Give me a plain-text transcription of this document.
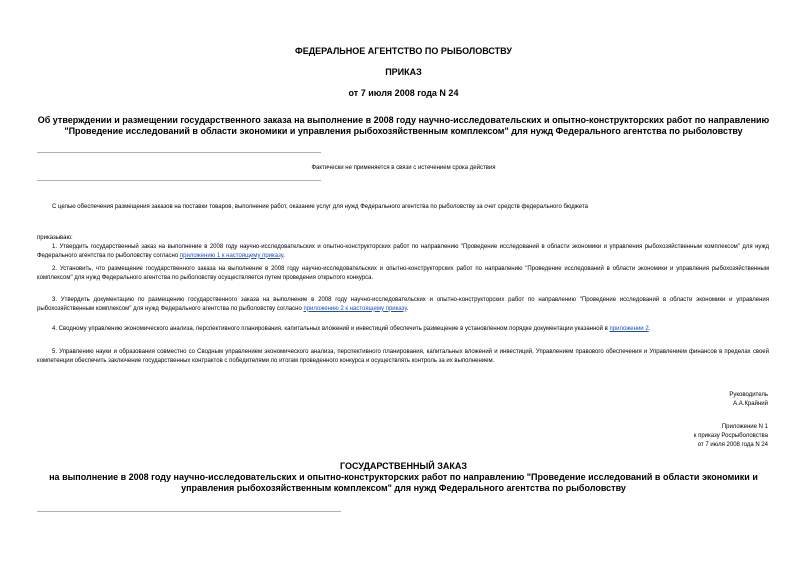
ФЕДЕРАЛЬНОЕ АГЕНТСТВО ПО РЫБОЛОВСТВУ
ПРИКАЗ
от 7 июля 2008 года N 24
Об утверждении и размещении государственного заказа на выполнение в 2008 году научно-исследовательских и опытно-конструкторских работ по направлению
"Проведение исследований в области экономики и управления рыбохозяйственным комплексом" для нужд Федерального агентства по рыболовству
Фактически не применяется в связи с истечением срока действия
С целью обеспечения размещения заказов на поставки товаров, выполнение работ, оказание услуг для нужд Федерального агентства по рыболовству за счет средств федерального бюджета
приказываю:
1. Утвердить государственный заказ на выполнение в 2008 году научно-исследовательских и опытно-конструкторских работ по направлению "Проведение исследований в области экономики и управления рыбохозяйственным комплексом" для нужд Федерального агентства по рыболовству согласно приложению 1 к настоящему приказу.
2. Установить, что размещение государственного заказа на выполнение в 2008 году научно-исследовательских и опытно-конструкторских работ по направлению "Проведение исследований в области экономики и управления рыбохозяйственным комплексом" для нужд Федерального агентства по рыболовству осуществляется путем проведения открытого конкурса.
3. Утвердить документацию по размещению государственного заказа на выполнение в 2008 году научно-исследовательских и опытно-конструкторских работ по направлению "Проведение исследований в области экономики и управления рыбохозяйственным комплексом" для нужд Федерального агентства по рыболовству согласно приложению 2 к настоящему приказу.
4. Сводному управлению экономического анализа, перспективного планирования, капитальных вложений и инвестиций обеспечить размещение в установленном порядке документации указанной в приложении 2.
5. Управлению науки и образования совместно со Сводным управлением экономического анализа, перспективного планирования, капитальных вложений и инвестиций, Управлением правового обеспечения и Управлением финансов в пределах своей компетенции обеспечить заключение государственных контрактов с победителями по итогам проведенного конкурса и осуществлять контроль за их выполнением.
Руководитель
А.А.Крайний
Приложение N 1
к приказу Росрыболовства
от 7 июля 2008 года N 24
ГОСУДАРСТВЕННЫЙ ЗАКАЗ
на выполнение в 2008 году научно-исследовательских и опытно-конструкторских работ по направлению "Проведение исследований в области экономики и
управления рыбохозяйственным комплексом" для нужд Федерального агентства по рыболовству
